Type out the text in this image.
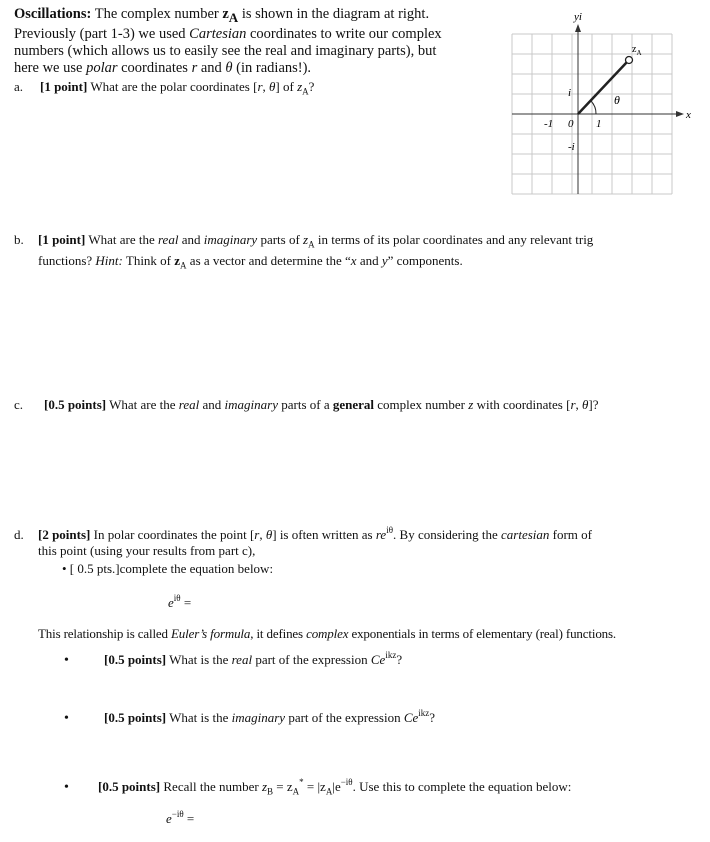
Oscillations: The complex number $z_A$ is shown in the diagram at right.
Previously (part 1-3) we used Cartesian coordinates to write our complex
numbers (which allows us to easily see the real and imaginary parts), but
here we use polar coordinates r and θ (in radians!).
a. [1 point] What are the polar coordinates [r, θ] of $z_A$?
yi
x
$z_A$
-1 0 1
i
-i
θ
b. [1 point] What are the real and imaginary parts of $z_A$ in terms of its polar coordinates and any relevant trig
functions? Hint: Think of $z_A$ as a vector and determine the “x and y” components.
c. [0.5 points] What are the real and imaginary parts of a general complex number z with coordinates [r, θ]?
d. [2 points] In polar coordinates the point [r, θ] is often written as $re^{i\theta}$. By considering the cartesian form of
this point (using your results from part c),
• [ 0.5 pts.]complete the equation below:
$e^{i\theta}$ =
This relationship is called Euler’s formula, it defines complex exponentials in terms of elementary (real) functions.
•	[0.5 points] What is the real part of the expression $Ce^{ikz}$?
•	[0.5 points] What is the imaginary part of the expression $Ce^{ikz}$?
• [0.5 points] Recall the number $z_B = z_A^* = |z_A|e^{-i\theta}$. Use this to complete the equation below:
$e^{-i\theta}$ =
